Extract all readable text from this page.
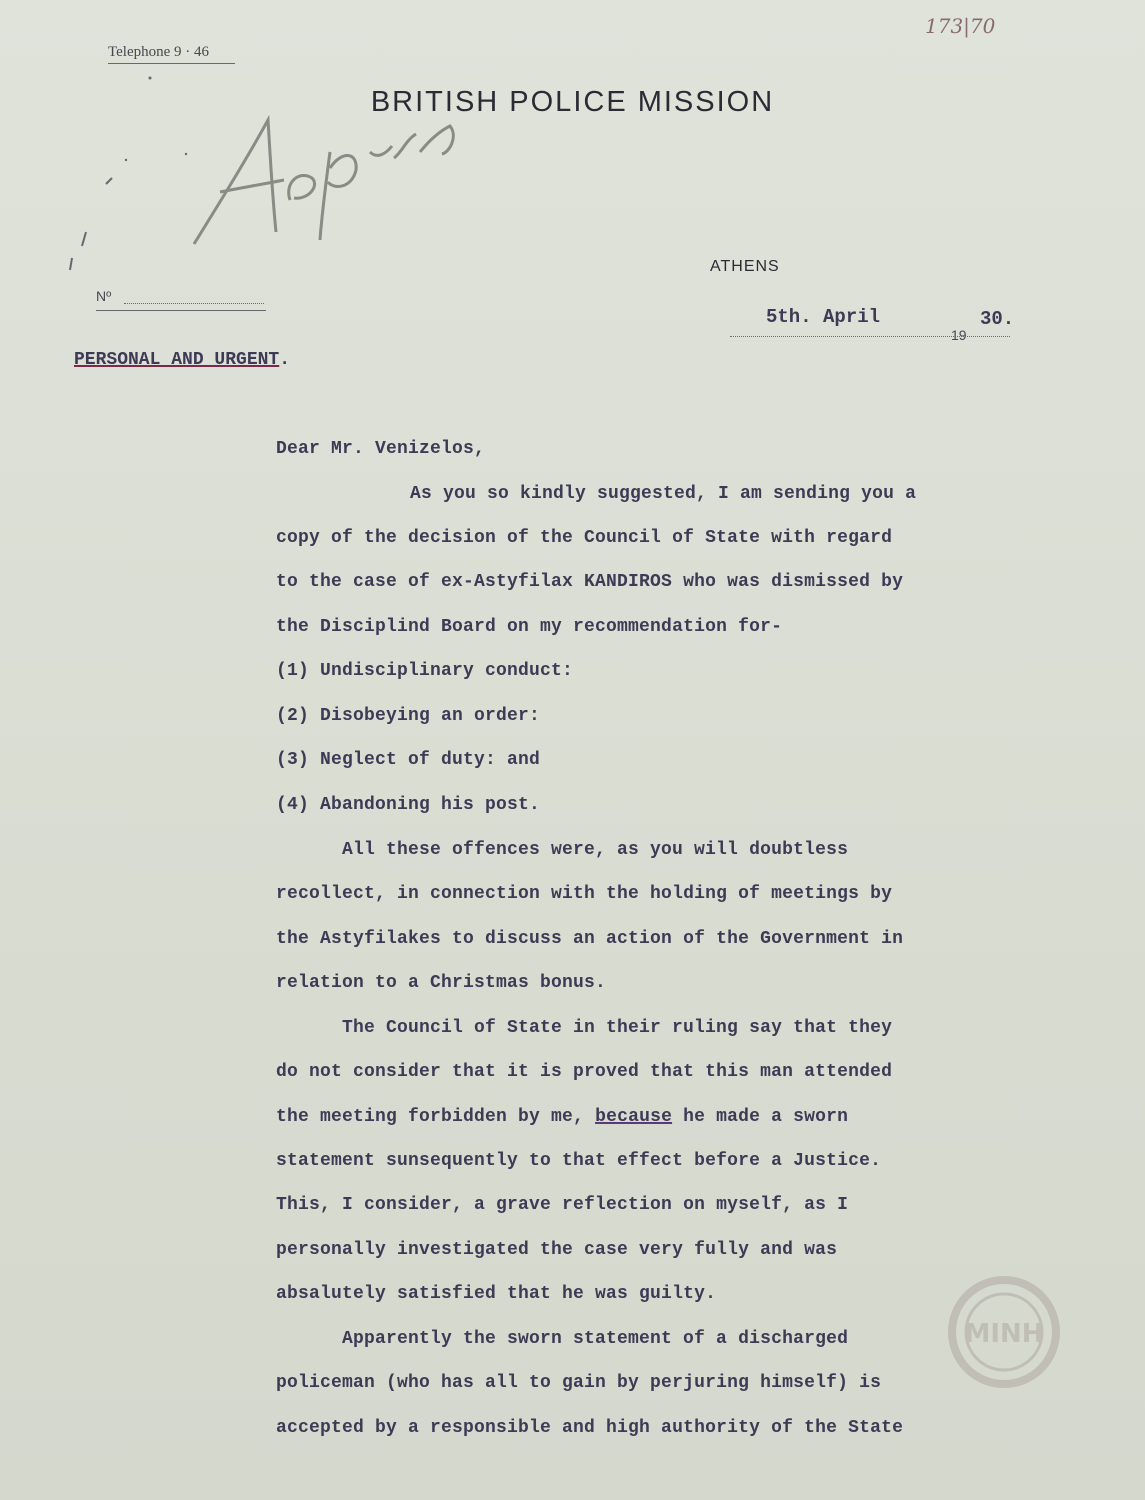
Telephone 9 · 46
173|70
BRITISH POLICE MISSION
Αρχειο
ATHENS
Nº
5th. April
19
30.
PERSONAL AND URGENT.
Dear Mr. Venizelos,
As you so kindly suggested, I am sending you a
copy of the decision of the Council of State with regard
to the case of ex-Astyfilax KANDIROS who was dismissed by
the Disciplind Board on my recommendation for-
(1) Undisciplinary conduct:
(2) Disobeying an order:
(3) Neglect of duty: and
(4) Abandoning his post.
All these offences were, as you will doubtless
recollect, in connection with the holding of meetings by
the Astyfilakes to discuss an action of the Government in
relation to a Christmas bonus.
The Council of State in their ruling say that they
do not consider that it is proved that this man attended
the meeting forbidden by me, because he made a sworn
statement sunsequently to that effect before a Justice.
This, I consider, a grave reflection on myself, as I
personally investigated the case very fully and was
absalutely satisfied that he was guilty.
Apparently the sworn statement of a discharged
policeman (who has all to gain by perjuring himself) is
accepted by a responsible and high authority of the State
ΜΙΝΗ
